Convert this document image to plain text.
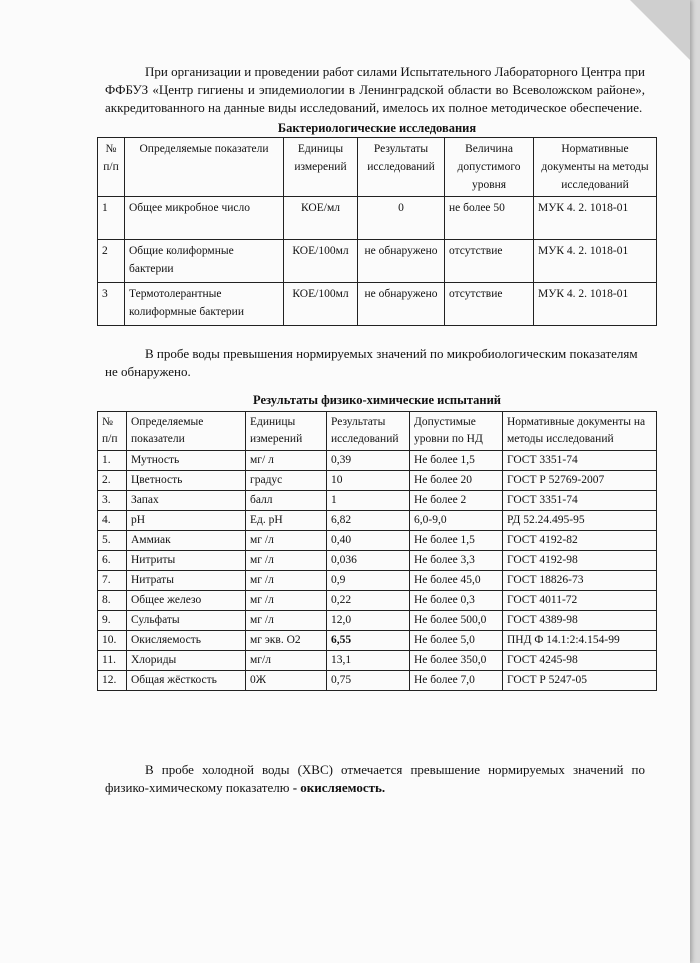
При организации и проведении работ силами Испытательного Лабораторного Центра при ФФБУЗ «Центр гигиены и эпидемиологии в Ленинградской области во Всеволожском районе», аккредитованного на данные виды исследований, имелось их полное методическое обеспечение.
Бактериологические исследования
№ п/п	Определяемые показатели	Единицы измерений	Результаты исследований	Величина допустимого уровня	Нормативные документы на методы исследований
1	Общее микробное число	КОЕ/мл	0	не более 50	МУК 4. 2. 1018-01
2	Общие колиформные бактерии	КОЕ/100мл	не обнаружено	отсутствие	МУК 4. 2. 1018-01
3	Термотолерантные колиформные бактерии	КОЕ/100мл	не обнаружено	отсутствие	МУК 4. 2. 1018-01
В пробе воды превышения нормируемых значений по микробиологическим показателям не обнаружено.
Результаты физико-химические испытаний
№ п/п	Определяемые показатели	Единицы измерений	Результаты исследований	Допустимые уровни по НД	Нормативные документы на методы исследований
1.	Мутность	мг/ л	0,39	Не более 1,5	ГОСТ 3351-74
2.	Цветность	градус	10	Не более 20	ГОСТ Р 52769-2007
3.	Запах	балл	1	Не более 2	ГОСТ 3351-74
4.	рН	Ед. рН	6,82	6,0-9,0	РД 52.24.495-95
5.	Аммиак	мг /л	0,40	Не более 1,5	ГОСТ 4192-82
6.	Нитриты	мг /л	0,036	Не более 3,3	ГОСТ 4192-98
7.	Нитраты	мг /л	0,9	Не более 45,0	ГОСТ 18826-73
8.	Общее железо	мг /л	0,22	Не более 0,3	ГОСТ 4011-72
9.	Сульфаты	мг /л	12,0	Не более 500,0	ГОСТ 4389-98
10.	Окисляемость	мг экв. О2	6,55	Не более 5,0	ПНД Ф 14.1:2:4.154-99
11.	Хлориды	мг/л	13,1	Не более 350,0	ГОСТ 4245-98
12.	Общая жёсткость	0Ж	0,75	Не более 7,0	ГОСТ Р 5247-05
В пробе холодной воды (ХВС) отмечается превышение нормируемых значений по физико-химическому показателю - окисляемость.
